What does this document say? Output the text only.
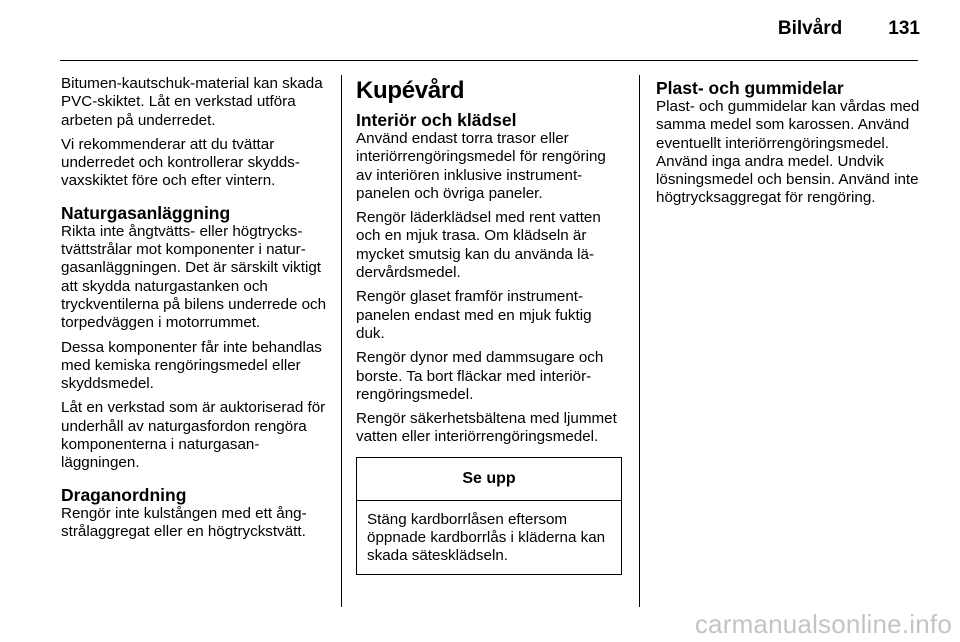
Bilvård 131

Bitumen-kautschuk-material kan skada PVC-skiktet. Låt en verkstad utföra arbeten på underredet.

Vi rekommenderar att du tvättar underredet och kontrollerar skyddsvaxskiktet före och efter vintern.

Naturgasanläggning

Rikta inte ångtvätts- eller högtryckstvättstrålar mot komponenter i naturgasanläggningen. Det är särskilt viktigt att skydda naturgastanken och tryckventilerna på bilens underrede och torpedväggen i motorrummet.

Dessa komponenter får inte behandlas med kemiska rengöringsmedel eller skyddsmedel.

Låt en verkstad som är auktoriserad för underhåll av naturgasfordon rengöra komponenterna i naturgasanläggningen.

Draganordning

Rengör inte kulstången med ett ångstrålaggregat eller en högtryckstvätt.

Kupévård
Interiör och klädsel

Använd endast torra trasor eller interiörrengöringsmedel för rengöring av interiören inklusive instrumentpanelen och övriga paneler.

Rengör läderklädsel med rent vatten och en mjuk trasa. Om klädseln är mycket smutsig kan du använda lädervårdsmedel.

Rengör glaset framför instrumentpanelen endast med en mjuk fuktig duk.

Rengör dynor med dammsugare och borste. Ta bort fläckar med interiörrengöringsmedel.

Rengör säkerhetsbältena med ljummet vatten eller interiörrengöringsmedel.

Se upp
Stäng kardborrlåsen eftersom öppnade kardborrlås i kläderna kan skada sätesklädseln.
Plast- och gummidelar

Plast- och gummidelar kan vårdas med samma medel som karossen. Använd eventuellt interiörrengöringsmedel. Använd inga andra medel. Undvik lösningsmedel och bensin. Använd inte högtrycksaggregat för rengöring.

carmanualsonline.info
